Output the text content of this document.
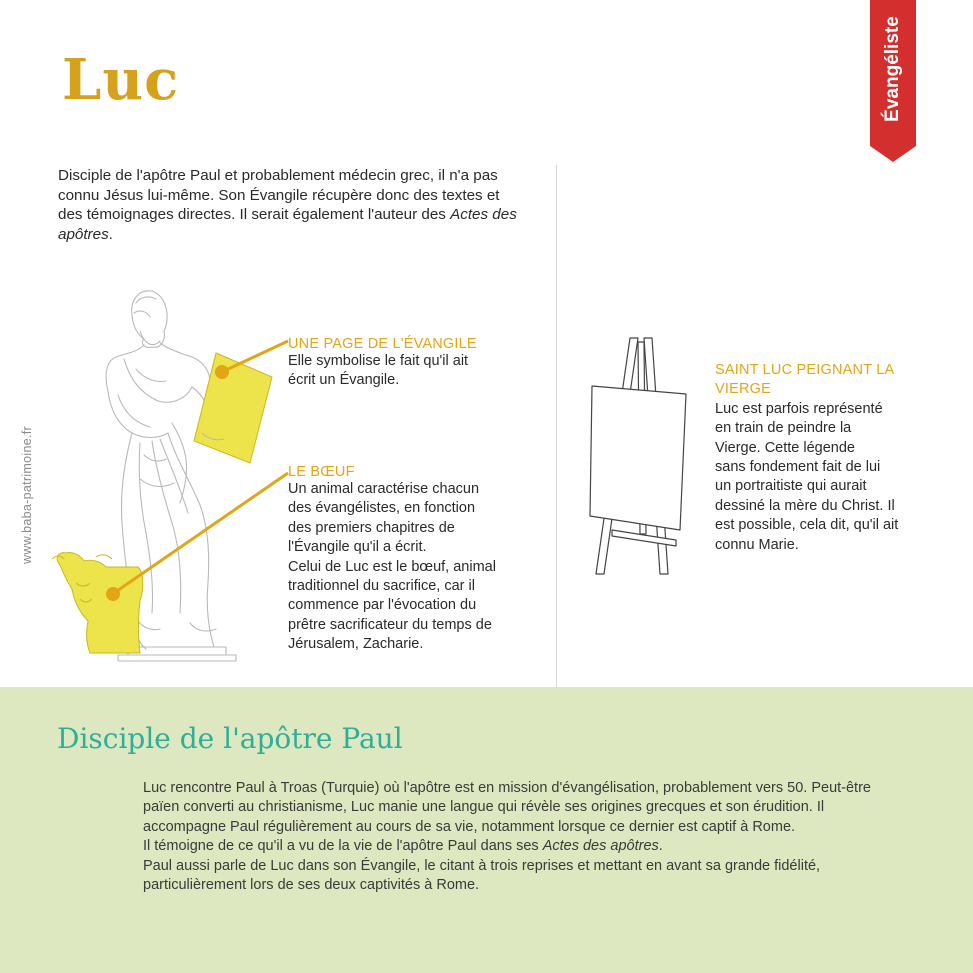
Luc
Disciple de l'apôtre Paul et probablement médecin grec, il n'a pas connu Jésus lui-même. Son Évangile récupère donc des textes et des témoignages directes. Il serait également l'auteur des Actes des apôtres.
www.baba-patrimoine.fr
Évangéliste
UNE PAGE DE L'ÉVANGILE
Elle symbolise le fait qu'il ait
écrit un Évangile.
LE BŒUF
Un animal caractérise chacun
des évangélistes, en fonction
des premiers chapitres de
l'Évangile qu'il a écrit.
Celui de Luc est le bœuf, animal
traditionnel du sacrifice, car il
commence par l'évocation du
prêtre sacrificateur du temps de
Jérusalem, Zacharie.
SAINT LUC PEIGNANT LA
VIERGE
Luc est parfois représenté
en train de peindre la
Vierge. Cette légende
sans fondement fait de lui
un portraitiste qui aurait
dessiné la mère du Christ. Il
est possible, cela dit, qu'il ait
connu Marie.
Disciple de l'apôtre Paul

Luc rencontre Paul à Troas (Turquie) où l'apôtre est en mission d'évangélisation, probablement vers 50. Peut-être païen converti au christianisme, Luc manie une langue qui révèle ses origines grecques et son érudition. Il accompagne Paul régulièrement au cours de sa vie, notamment lorsque ce dernier est captif à Rome.

Il témoigne de ce qu'il a vu de la vie de l'apôtre Paul dans ses Actes des apôtres.

Paul aussi parle de Luc dans son Évangile, le citant à trois reprises et mettant en avant sa grande fidélité, particulièrement lors de ses deux captivités à Rome.
